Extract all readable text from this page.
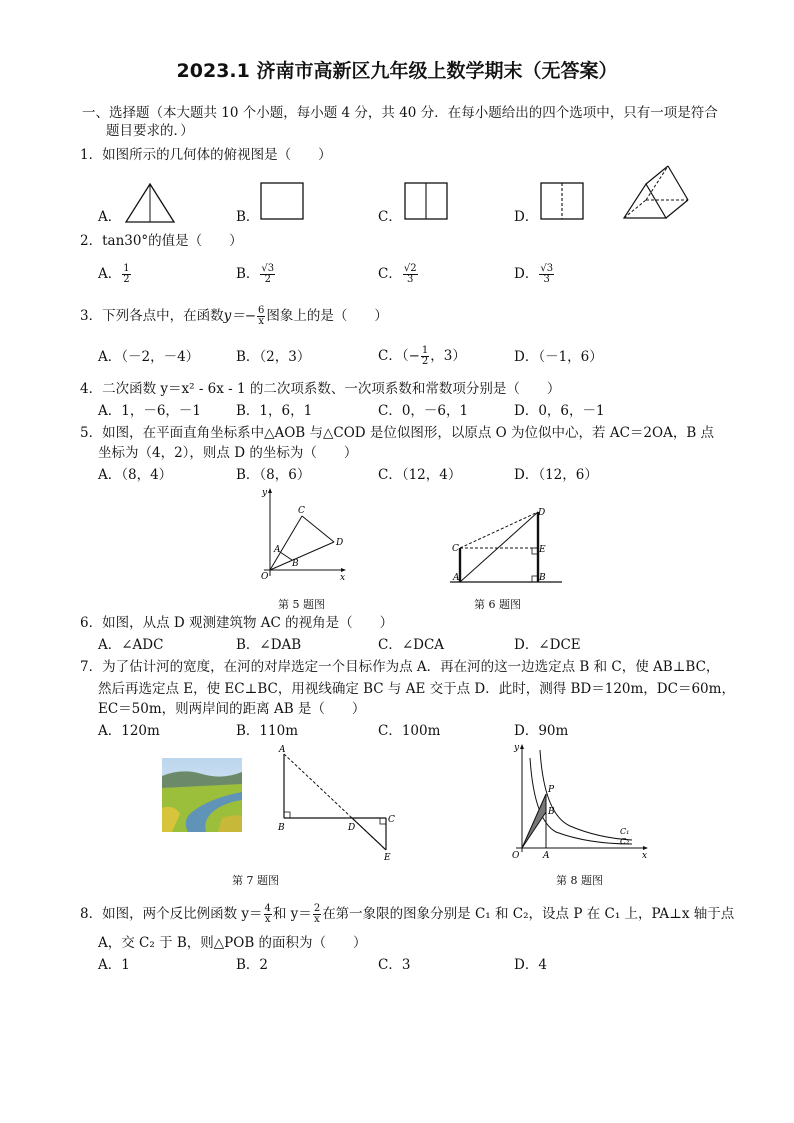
2023.1 济南市高新区九年级上数学期末（无答案）
一、选择题（本大题共 10 个小题，每小题 4 分，共 40 分．在每小题给出的四个选项中，只有一项是符合
题目要求的．）
1．如图所示的几何体的俯视图是（　　）
A．	B．	C．	D．
2．tan30°的值是（　　）
A． $\frac{1}{2}$	B． $\frac{√3}{2}$	C． $\frac{√2}{3}$	D． $\frac{√3}{3}$
3．下列各点中，在函数$y=- \frac{6}{x}$ 图象上的是（　　）
A．（－2，－4）	B．（2，3）	C．（− $\frac{1}{2}$ ，3）	D．（－1，6）
4．二次函数 y＝x² - 6x - 1 的二次项系数、一次项系数和常数项分别是（　　）
A．1，－6，－1	B．1，6，1	C．0，－6，1	D．0，6，－1
5．如图，在平面直角坐标系中△AOB 与△COD 是位似图形，以原点 O 为位似中心，若 AC＝2OA，B 点
坐标为（4，2），则点 D 的坐标为（　　）
A．（8，4）	B．（8，6）	C．（12，4）	D．（12，6）
y
C
D
A
B
O	x
第 5 题图
D
C	E
A	B
第 6 题图
6．如图，从点 D 观测建筑物 AC 的视角是（　　）
A．∠ADC	B．∠DAB	C．∠DCA	D．∠DCE
7．为了估计河的宽度，在河的对岸选定一个目标作为点 A．再在河的这一边选定点 B 和 C，使 AB⊥BC，
然后再选定点 E，使 EC⊥BC，用视线确定 BC 与 AE 交于点 D．此时，测得 BD＝120m，DC＝60m，
EC＝50m，则两岸间的距离 AB 是（　　）
A．120m	B．110m	C．100m	D．90m
A
B	D
C
E
第 7 题图
y
P
B
O	A	x
C₁
C₂
第 8 题图
8．如图，两个反比例函数 $y= \frac{4}{x}$ 和 $y= \frac{2}{x}$ 在第一象限的图象分别是 C₁ 和 C₂，设点 P 在 C₁ 上，PA⊥x 轴于点
A，交 C₂ 于 B，则△POB 的面积为（　　）
A．1	B．2	C．3	D．4
